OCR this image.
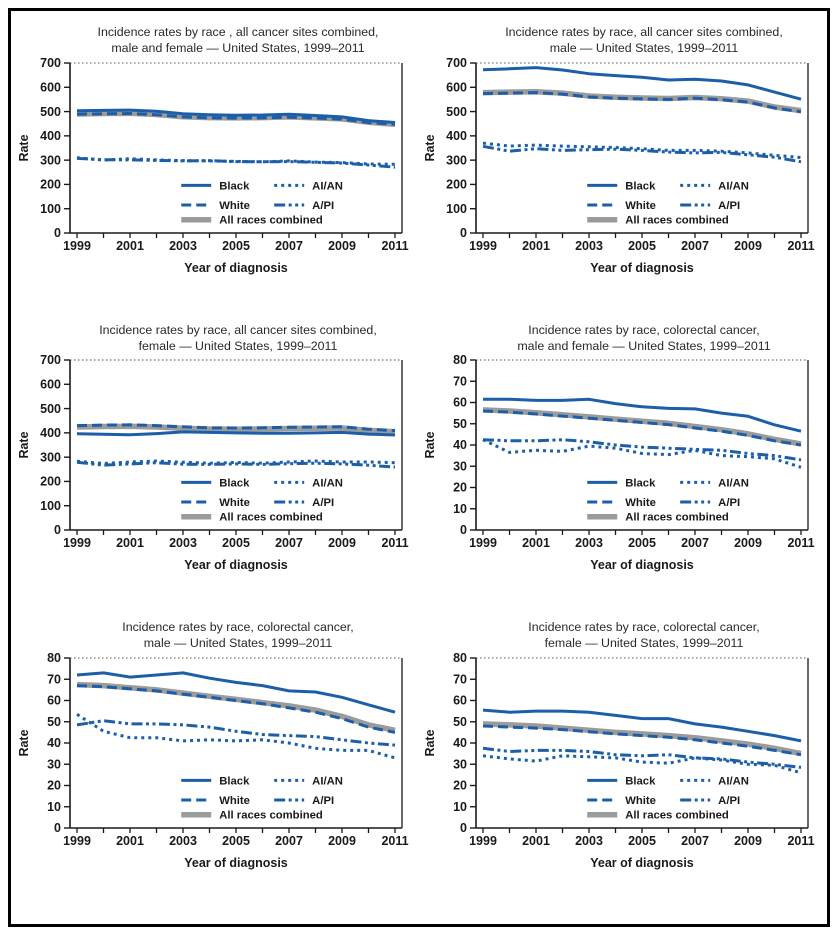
Incidence rates by race , all cancer sites combined,
male and female — United States, 1999–2011
0
100
200
300
400
500
600
700
1999 2001 2003 2005 2007 2009 2011
Year of diagnosis
Rate
Black	AI/AN
White	A/PI
All races combined
Incidence rates by race, all cancer sites combined,
male — United States, 1999–2011
0
100
200
300
400
500
600
700
1999 2001 2003 2005 2007 2009 2011
Year of diagnosis
Rate
Black	AI/AN
White	A/PI
All races combined
Incidence rates by race, all cancer sites combined,
female — United States, 1999–2011
0
100
200
300
400
500
600
700
1999 2001 2003 2005 2007 2009 2011
Year of diagnosis
Rate
Black	AI/AN
White	A/PI
All races combined
Incidence rates by race, colorectal cancer,
male and female — United States, 1999–2011
0
10
20
30
40
50
60
70
80
1999 2001 2003 2005 2007 2009 2011
Year of diagnosis
Rate
Black	AI/AN
White	A/PI
All races combined
Incidence rates by race, colorectal cancer,
male — United States, 1999–2011
0
10
20
30
40
50
60
70
80
1999 2001 2003 2005 2007 2009 2011
Year of diagnosis
Rate
Black	AI/AN
White	A/PI
All races combined
Incidence rates by race, colorectal cancer,
female — United States, 1999–2011
0
10
20
30
40
50
60
70
80
1999 2001 2003 2005 2007 2009 2011
Year of diagnosis
Rate
Black	AI/AN
White	A/PI
All races combined
